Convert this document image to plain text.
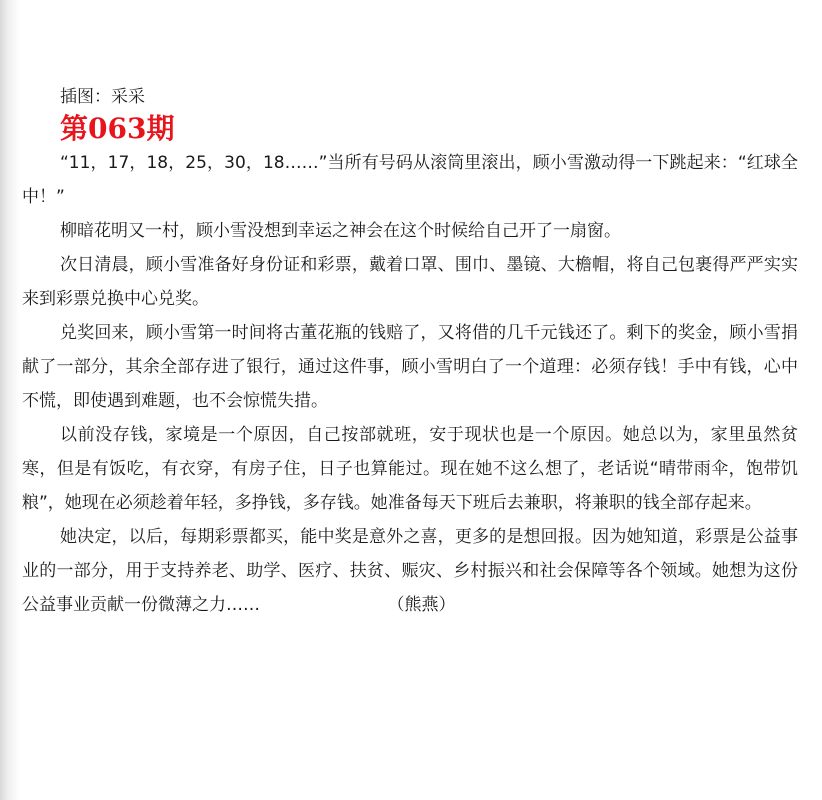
插图：采采
第063期

“11，17，18，25，30，18……”当所有号码从滚筒里滚出，顾小雪激动得一下跳起来：“红球全中！”

柳暗花明又一村，顾小雪没想到幸运之神会在这个时候给自己开了一扇窗。

次日清晨，顾小雪准备好身份证和彩票，戴着口罩、围巾、墨镜、大檐帽，将自己包裹得严严实实来到彩票兑换中心兑奖。

兑奖回来，顾小雪第一时间将古董花瓶的钱赔了，又将借的几千元钱还了。剩下的奖金，顾小雪捐献了一部分，其余全部存进了银行，通过这件事，顾小雪明白了一个道理：必须存钱！手中有钱，心中不慌，即使遇到难题，也不会惊慌失措。

以前没存钱，家境是一个原因，自己按部就班，安于现状也是一个原因。她总以为，家里虽然贫寒，但是有饭吃，有衣穿，有房子住，日子也算能过。现在她不这么想了，老话说“晴带雨伞，饱带饥粮”，她现在必须趁着年轻，多挣钱，多存钱。她准备每天下班后去兼职，将兼职的钱全部存起来。

她决定，以后，每期彩票都买，能中奖是意外之喜，更多的是想回报。因为她知道，彩票是公益事业的一部分，用于支持养老、助学、医疗、扶贫、赈灾、乡村振兴和社会保障等各个领域。她想为这份公益事业贡献一份微薄之力……　　　　　　　　（熊燕）
